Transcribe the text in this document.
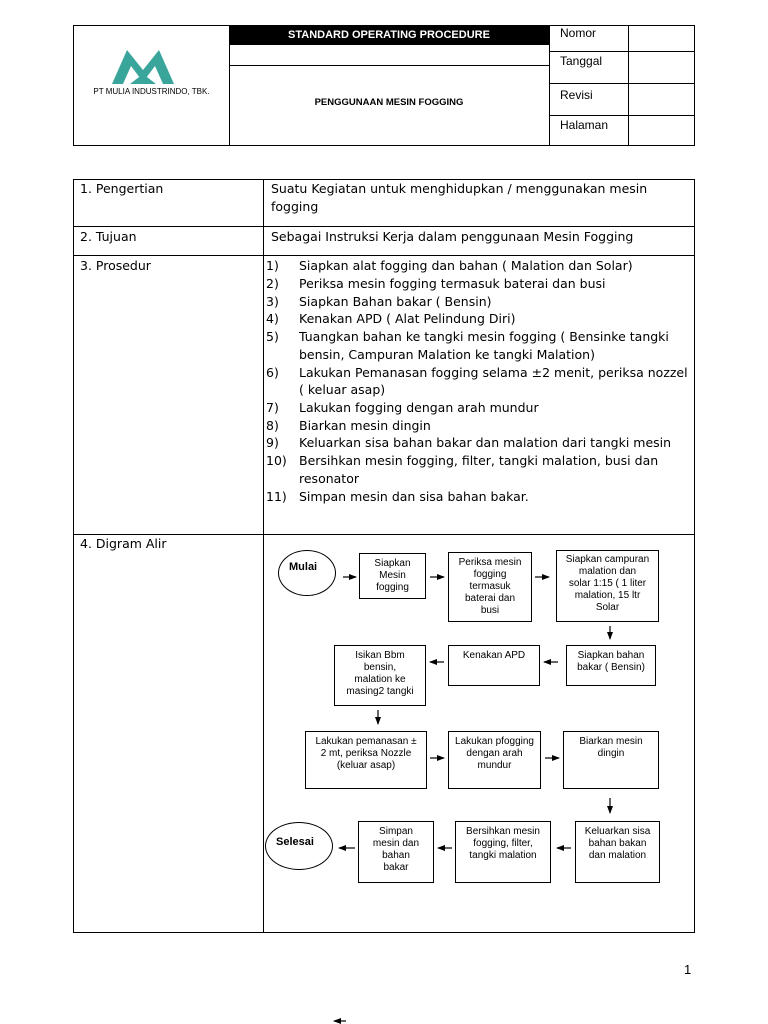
PT MULIA INDUSTRINDO, TBK.
STANDARD OPERATING PROCEDURE
PENGGUNAAN MESIN FOGGING
Nomor
Tanggal
Revisi
Halaman
1. Pengertian	Suatu Kegiatan untuk menghidupkan / menggunakan mesin
fogging
2. Tujuan	Sebagai Instruksi Kerja dalam penggunaan Mesin Fogging
3. Prosedur	1)	Siapkan alat fogging dan bahan ( Malation dan Solar)
2)	Periksa mesin fogging termasuk baterai dan busi
3)	Siapkan Bahan bakar ( Bensin)
4)	Kenakan APD ( Alat Pelindung Diri)
5)	Tuangkan bahan ke tangki mesin fogging ( Bensinke tangki
bensin, Campuran Malation ke tangki Malation)
6)	Lakukan Pemanasan fogging selama ±2 menit, periksa nozzel
( keluar asap)
7)	Lakukan fogging dengan arah mundur
8)	Biarkan mesin dingin
9)	Keluarkan sisa bahan bakar dan malation dari tangki mesin
10) Bersihkan mesin fogging, filter, tangki malation, busi dan
resonator
11) Simpan mesin dan sisa bahan bakar.
4. Digram Alir
Mulai
Selesai
Siapkan
Mesin
fogging
Periksa mesin
fogging
termasuk
baterai dan
busi
Siapkan campuran
malation dan
solar 1:15 ( 1 liter
malation, 15 ltr
Solar
Siapkan bahan
bakar ( Bensin)
Kenakan APD
Isikan Bbm
bensin,
malation ke
masing2 tangki
Lakukan pemanasan ±
2 mt, periksa Nozzle
(keluar asap)
Lakukan pfogging
dengan arah
mundur
Biarkan mesin
dingin
Keluarkan sisa
bahan bakan
dan malation
Bersihkan mesin
fogging, filter,
tangki malation
Simpan
mesin dan
bahan
bakar
1
